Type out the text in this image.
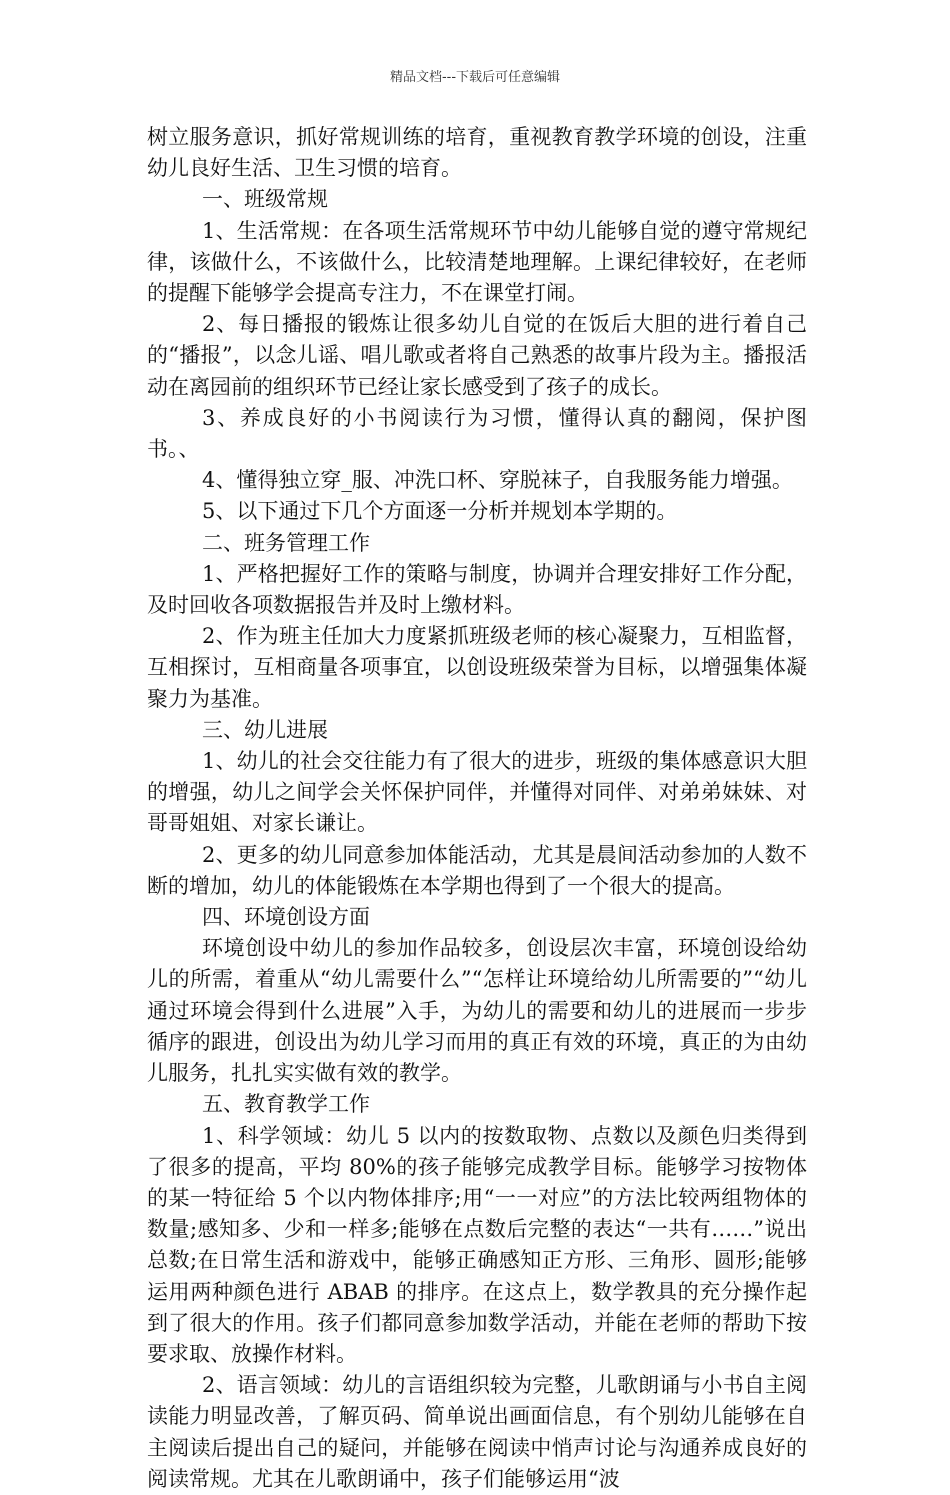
精品文档---下载后可任意编辑

树立服务意识，抓好常规训练的培育，重视教育教学环境的创设，注重幼儿良好生活、卫生习惯的培育。

一、班级常规

1、生活常规：在各项生活常规环节中幼儿能够自觉的遵守常规纪律，该做什么，不该做什么，比较清楚地理解。上课纪律较好，在老师的提醒下能够学会提高专注力，不在课堂打闹。

2、每日播报的锻炼让很多幼儿自觉的在饭后大胆的进行着自己的“播报”，以念儿谣、唱儿歌或者将自己熟悉的故事片段为主。播报活动在离园前的组织环节已经让家长感受到了孩子的成长。

3、养成良好的小书阅读行为习惯，懂得认真的翻阅，保护图书。、

4、懂得独立穿_服、冲洗口杯、穿脱袜子，自我服务能力增强。

5、以下通过下几个方面逐一分析并规划本学期的。

二、班务管理工作

1、严格把握好工作的策略与制度，协调并合理安排好工作分配，及时回收各项数据报告并及时上缴材料。

2、作为班主任加大力度紧抓班级老师的核心凝聚力，互相监督，互相探讨，互相商量各项事宜，以创设班级荣誉为目标，以增强集体凝聚力为基准。

三、幼儿进展

1、幼儿的社会交往能力有了很大的进步，班级的集体感意识大胆的增强，幼儿之间学会关怀保护同伴，并懂得对同伴、对弟弟妹妹、对哥哥姐姐、对家长谦让。

2、更多的幼儿同意参加体能活动，尤其是晨间活动参加的人数不断的增加，幼儿的体能锻炼在本学期也得到了一个很大的提高。

四、环境创设方面

环境创设中幼儿的参加作品较多，创设层次丰富，环境创设给幼儿的所需，着重从“幼儿需要什么”“怎样让环境给幼儿所需要的”“幼儿通过环境会得到什么进展”入手，为幼儿的需要和幼儿的进展而一步步循序的跟进，创设出为幼儿学习而用的真正有效的环境，真正的为由幼儿服务，扎扎实实做有效的教学。

五、教育教学工作

1、科学领域：幼儿 5 以内的按数取物、点数以及颜色归类得到了很多的提高，平均 80%的孩子能够完成教学目标。能够学习按物体的某一特征给 5 个以内物体排序;用“一一对应”的方法比较两组物体的数量;感知多、少和一样多;能够在点数后完整的表达“一共有……”说出总数;在日常生活和游戏中，能够正确感知正方形、三角形、圆形;能够运用两种颜色进行 ABAB 的排序。在这点上，数学教具的充分操作起到了很大的作用。孩子们都同意参加数学活动，并能在老师的帮助下按要求取、放操作材料。

2、语言领域：幼儿的言语组织较为完整，儿歌朗诵与小书自主阅读能力明显改善，了解页码、简单说出画面信息，有个别幼儿能够在自主阅读后提出自己的疑问，并能够在阅读中悄声讨论与沟通养成良好的阅读常规。尤其在儿歌朗诵中，孩子们能够运用“波
